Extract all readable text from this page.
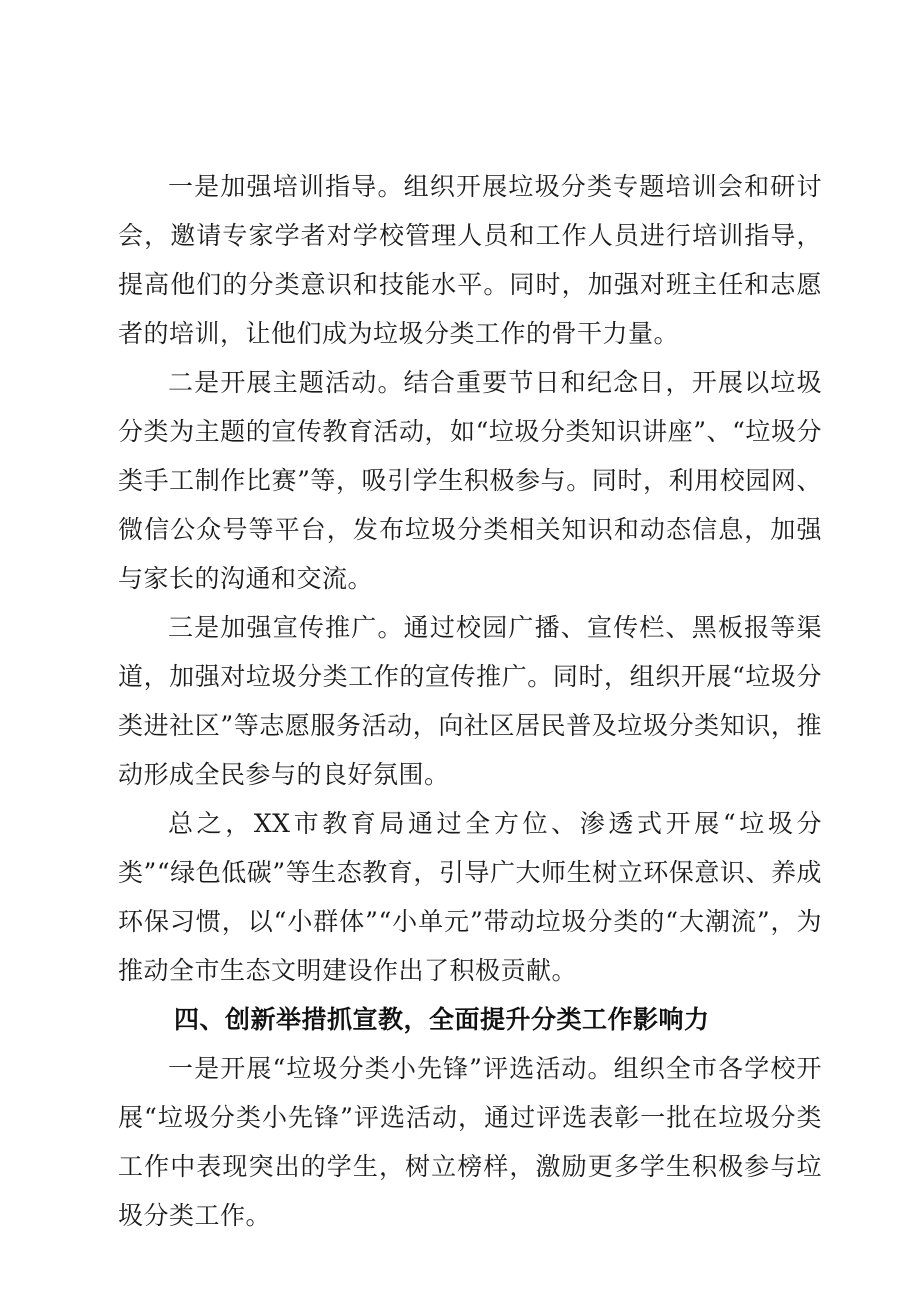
一是加强培训指导。组织开展垃圾分类专题培训会和研讨会，邀请专家学者对学校管理人员和工作人员进行培训指导，提高他们的分类意识和技能水平。同时，加强对班主任和志愿者的培训，让他们成为垃圾分类工作的骨干力量。

二是开展主题活动。结合重要节日和纪念日，开展以垃圾分类为主题的宣传教育活动，如“垃圾分类知识讲座”、“垃圾分类手工制作比赛”等，吸引学生积极参与。同时，利用校园网、微信公众号等平台，发布垃圾分类相关知识和动态信息，加强与家长的沟通和交流。

三是加强宣传推广。通过校园广播、宣传栏、黑板报等渠道，加强对垃圾分类工作的宣传推广。同时，组织开展“垃圾分类进社区”等志愿服务活动，向社区居民普及垃圾分类知识，推动形成全民参与的良好氛围。

总之，XX市教育局通过全方位、渗透式开展“垃圾分类”“绿色低碳”等生态教育，引导广大师生树立环保意识、养成环保习惯，以“小群体”“小单元”带动垃圾分类的“大潮流”，为推动全市生态文明建设作出了积极贡献。

四、创新举措抓宣教，全面提升分类工作影响力

一是开展“垃圾分类小先锋”评选活动。组织全市各学校开展“垃圾分类小先锋”评选活动，通过评选表彰一批在垃圾分类工作中表现突出的学生，树立榜样，激励更多学生积极参与垃圾分类工作。
